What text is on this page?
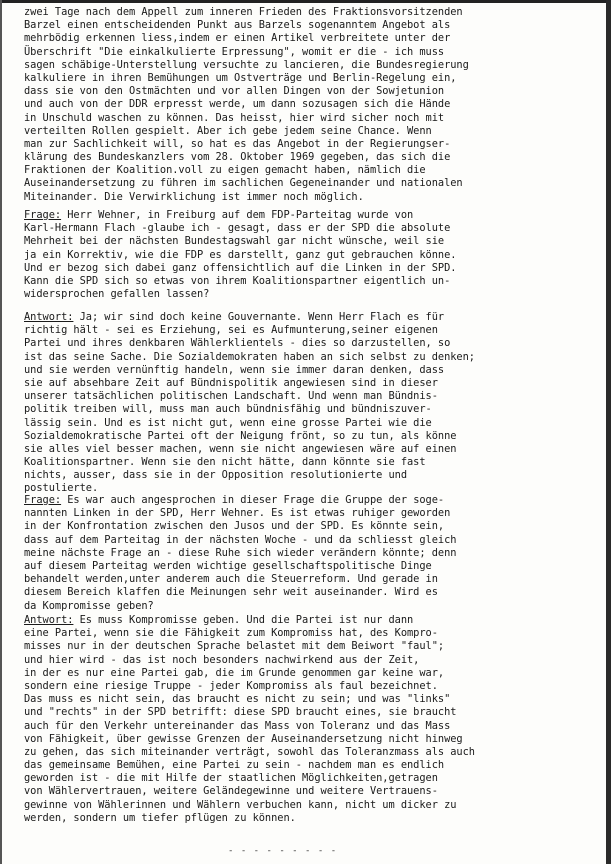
zwei Tage nach dem Appell zum inneren Frieden des Fraktionsvorsitzenden
Barzel einen entscheidenden Punkt aus Barzels sogenanntem Angebot als
mehrbödig erkennen liess,indem er einen Artikel verbreitete unter der
Überschrift "Die einkalkulierte Erpressung", womit er die - ich muss
sagen schäbige-Unterstellung versuchte zu lancieren, die Bundesregierung
kalkuliere in ihren Bemühungen um Ostverträge und Berlin-Regelung ein,
dass sie von den Ostmächten und vor allen Dingen von der Sowjetunion
und auch von der DDR erpresst werde, um dann sozusagen sich die Hände
in Unschuld waschen zu können. Das heisst, hier wird sicher noch mit
verteilten Rollen gespielt. Aber ich gebe jedem seine Chance. Wenn
man zur Sachlichkeit will, so hat es das Angebot in der Regierungser-
klärung des Bundeskanzlers vom 28. Oktober 1969 gegeben, das sich die
Fraktionen der Koalition.voll zu eigen gemacht haben, nämlich die
Auseinandersetzung zu führen im sachlichen Gegeneinander und nationalen
Miteinander. Die Verwirklichung ist immer noch möglich.
Frage: Herr Wehner, in Freiburg auf dem FDP-Parteitag wurde von
Karl-Hermann Flach -glaube ich - gesagt, dass er der SPD die absolute
Mehrheit bei der nächsten Bundestagswahl gar nicht wünsche, weil sie
ja ein Korrektiv, wie die FDP es darstellt, ganz gut gebrauchen könne.
Und er bezog sich dabei ganz offensichtlich auf die Linken in der SPD.
Kann die SPD sich so etwas von ihrem Koalitionspartner eigentlich un-
widersprochen gefallen lassen?
Antwort: Ja; wir sind doch keine Gouvernante. Wenn Herr Flach es für
richtig hält - sei es Erziehung, sei es Aufmunterung,seiner eigenen
Partei und ihres denkbaren Wählerklientels - dies so darzustellen, so
ist das seine Sache. Die Sozialdemokraten haben an sich selbst zu denken;
und sie werden vernünftig handeln, wenn sie immer daran denken, dass
sie auf absehbare Zeit auf Bündnispolitik angewiesen sind in dieser
unserer tatsächlichen politischen Landschaft. Und wenn man Bündnis-
politik treiben will, muss man auch bündnisfähig und bündniszuver-
lässig sein. Und es ist nicht gut, wenn eine grosse Partei wie die
Sozialdemokratische Partei oft der Neigung frönt, so zu tun, als könne
sie alles viel besser machen, wenn sie nicht angewiesen wäre auf einen
Koalitionspartner. Wenn sie den nicht hätte, dann könnte sie fast
nichts, ausser, dass sie in der Opposition resolutionierte und
postulierte.
Frage: Es war auch angesprochen in dieser Frage die Gruppe der soge-
nannten Linken in der SPD, Herr Wehner. Es ist etwas ruhiger geworden
in der Konfrontation zwischen den Jusos und der SPD. Es könnte sein,
dass auf dem Parteitag in der nächsten Woche - und da schliesst gleich
meine nächste Frage an - diese Ruhe sich wieder verändern könnte; denn
auf diesem Parteitag werden wichtige gesellschaftspolitische Dinge
behandelt werden,unter anderem auch die Steuerreform. Und gerade in
diesem Bereich klaffen die Meinungen sehr weit auseinander. Wird es
da Kompromisse geben?
Antwort: Es muss Kompromisse geben. Und die Partei ist nur dann
eine Partei, wenn sie die Fähigkeit zum Kompromiss hat, des Kompro-
misses nur in der deutschen Sprache belastet mit dem Beiwort "faul";
und hier wird - das ist noch besonders nachwirkend aus der Zeit,
in der es nur eine Partei gab, die im Grunde genommen gar keine war,
sondern eine riesige Truppe - jeder Kompromiss als faul bezeichnet.
Das muss es nicht sein, das braucht es nicht zu sein; und was "links"
und "rechts" in der SPD betrifft: diese SPD braucht eines, sie braucht
auch für den Verkehr untereinander das Mass von Toleranz und das Mass
von Fähigkeit, über gewisse Grenzen der Auseinandersetzung nicht hinweg
zu gehen, das sich miteinander verträgt, sowohl das Toleranzmass als auch
das gemeinsame Bemühen, eine Partei zu sein - nachdem man es endlich
geworden ist - die mit Hilfe der staatlichen Möglichkeiten,getragen
von Wählervertrauen, weitere Geländegewinne und weitere Vertrauens-
gewinne von Wählerinnen und Wählern verbuchen kann, nicht um dicker zu
werden, sondern um tiefer pflügen zu können.
- - - - - - - - -
